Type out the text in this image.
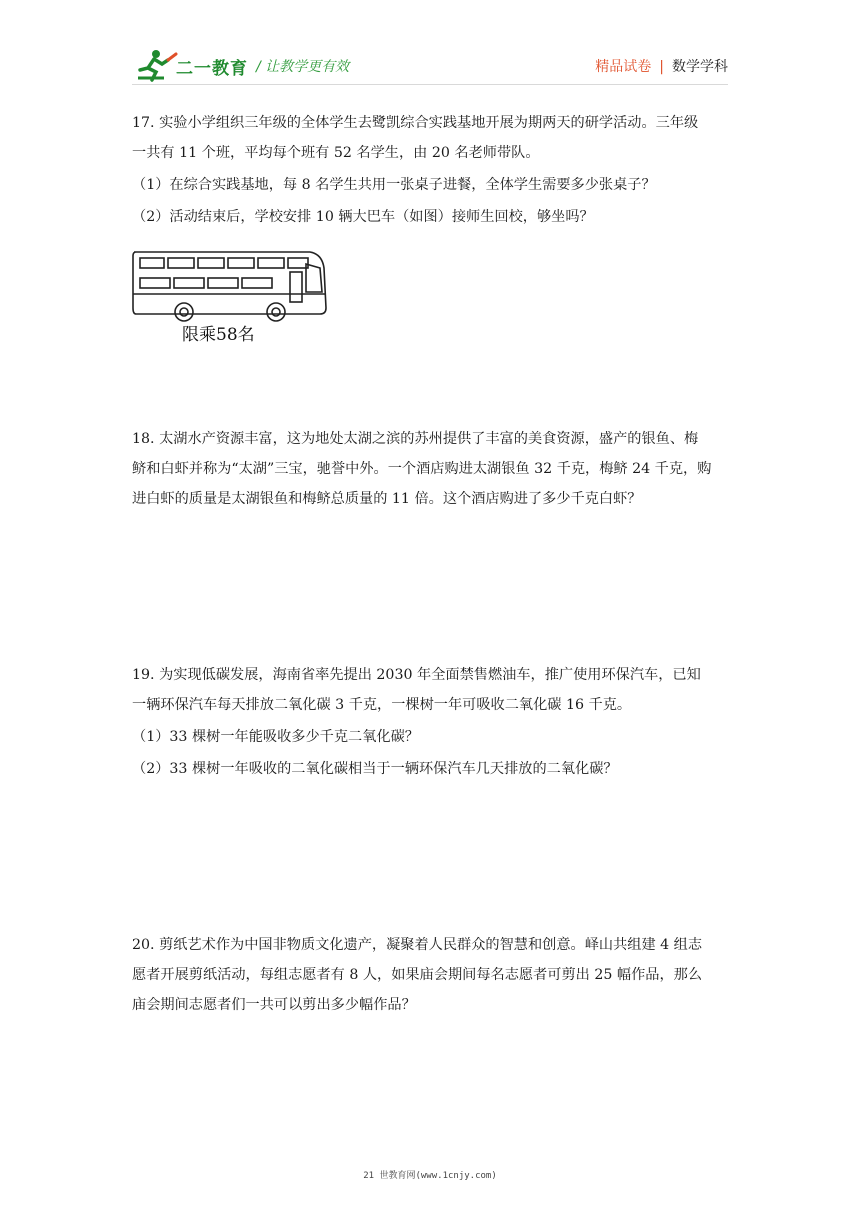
二一教育 / 让教学更有效	精品试卷 | 数学学科

17. 实验小学组织三年级的全体学生去鹭凯综合实践基地开展为期两天的研学活动。三年级

一共有 11 个班，平均每个班有 52 名学生，由 20 名老师带队。

（1）在综合实践基地，每 8 名学生共用一张桌子进餐，全体学生需要多少张桌子？

（2）活动结束后，学校安排 10 辆大巴车（如图）接师生回校，够坐吗？

限乘58名

18. 太湖水产资源丰富，这为地处太湖之滨的苏州提供了丰富的美食资源，盛产的银鱼、梅

鲚和白虾并称为“太湖”三宝，驰誉中外。一个酒店购进太湖银鱼 32 千克，梅鲚 24 千克，购

进白虾的质量是太湖银鱼和梅鲚总质量的 11 倍。这个酒店购进了多少千克白虾？

19. 为实现低碳发展，海南省率先提出 2030 年全面禁售燃油车，推广使用环保汽车，已知

一辆环保汽车每天排放二氧化碳 3 千克，一棵树一年可吸收二氧化碳 16 千克。

（1）33 棵树一年能吸收多少千克二氧化碳？

（2）33 棵树一年吸收的二氧化碳相当于一辆环保汽车几天排放的二氧化碳？

20. 剪纸艺术作为中国非物质文化遗产，凝聚着人民群众的智慧和创意。峄山共组建 4 组志

愿者开展剪纸活动，每组志愿者有 8 人，如果庙会期间每名志愿者可剪出 25 幅作品，那么

庙会期间志愿者们一共可以剪出多少幅作品？

21 世教育网(www.1cnjy.com)
